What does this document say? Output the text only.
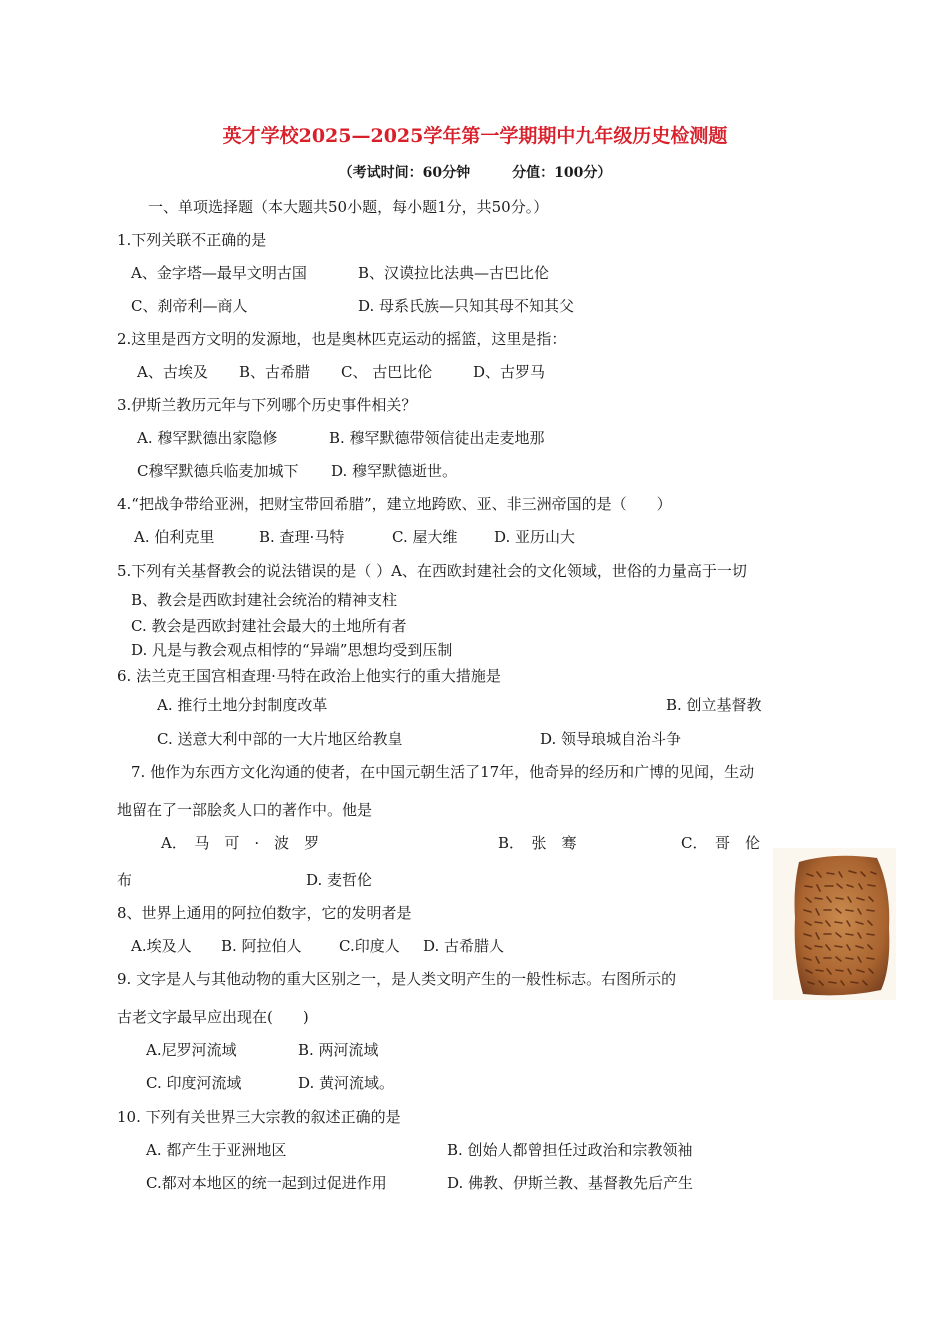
英才学校2025—2025学年第一学期期中九年级历史检测题
（考试时间：60分钟　　　分值：100分）
一、单项选择题（本大题共50小题，每小题1分，共50分。）
1.下列关联不正确的是
A、金字塔—最早文明古国	B、汉谟拉比法典—古巴比伦
C、刹帝利—商人	D. 母系氏族—只知其母不知其父
2.这里是西方文明的发源地，也是奥林匹克运动的摇篮，这里是指：
A、古埃及 B、古希腊 C、 古巴比伦	D、古罗马
3.伊斯兰教历元年与下列哪个历史事件相关？
A. 穆罕默德出家隐修	B. 穆罕默德带领信徒出走麦地那
C穆罕默德兵临麦加城下 D. 穆罕默德逝世。
4.“把战争带给亚洲，把财宝带回希腊”，建立地跨欧、亚、非三洲帝国的是（　　）
A. 伯利克里	B. 查理·马特	C. 屋大维 D. 亚历山大
5.下列有关基督教会的说法错误的是（ ）A、在西欧封建社会的文化领域，世俗的力量高于一切
B、教会是西欧封建社会统治的精神支柱
C. 教会是西欧封建社会最大的土地所有者
D. 凡是与教会观点相悖的“异端”思想均受到压制
6. 法兰克王国宫相查理·马特在政治上他实行的重大措施是
A. 推行土地分封制度改革	B. 创立基督教
C. 送意大利中部的一大片地区给教皇	D. 领导琅城自治斗争
7. 他作为东西方文化沟通的使者，在中国元朝生活了17年，他奇异的经历和广博的见闻，生动
地留在了一部脍炙人口的著作中。他是
A．　马　可　·　波　罗	B．　张　骞	C．　哥　伦
布	D. 麦哲伦
8、世界上通用的阿拉伯数字，它的发明者是
A.埃及人 B. 阿拉伯人 C.印度人 D. 古希腊人
9. 文字是人与其他动物的重大区别之一，是人类文明产生的一般性标志。右图所示的
古老文字最早应出现在(　　)
A.尼罗河流域	B. 两河流域
C. 印度河流域	D. 黄河流域。
10. 下列有关世界三大宗教的叙述正确的是
A. 都产生于亚洲地区	B. 创始人都曾担任过政治和宗教领袖
C.都对本地区的统一起到过促进作用	D. 佛教、伊斯兰教、基督教先后产生
